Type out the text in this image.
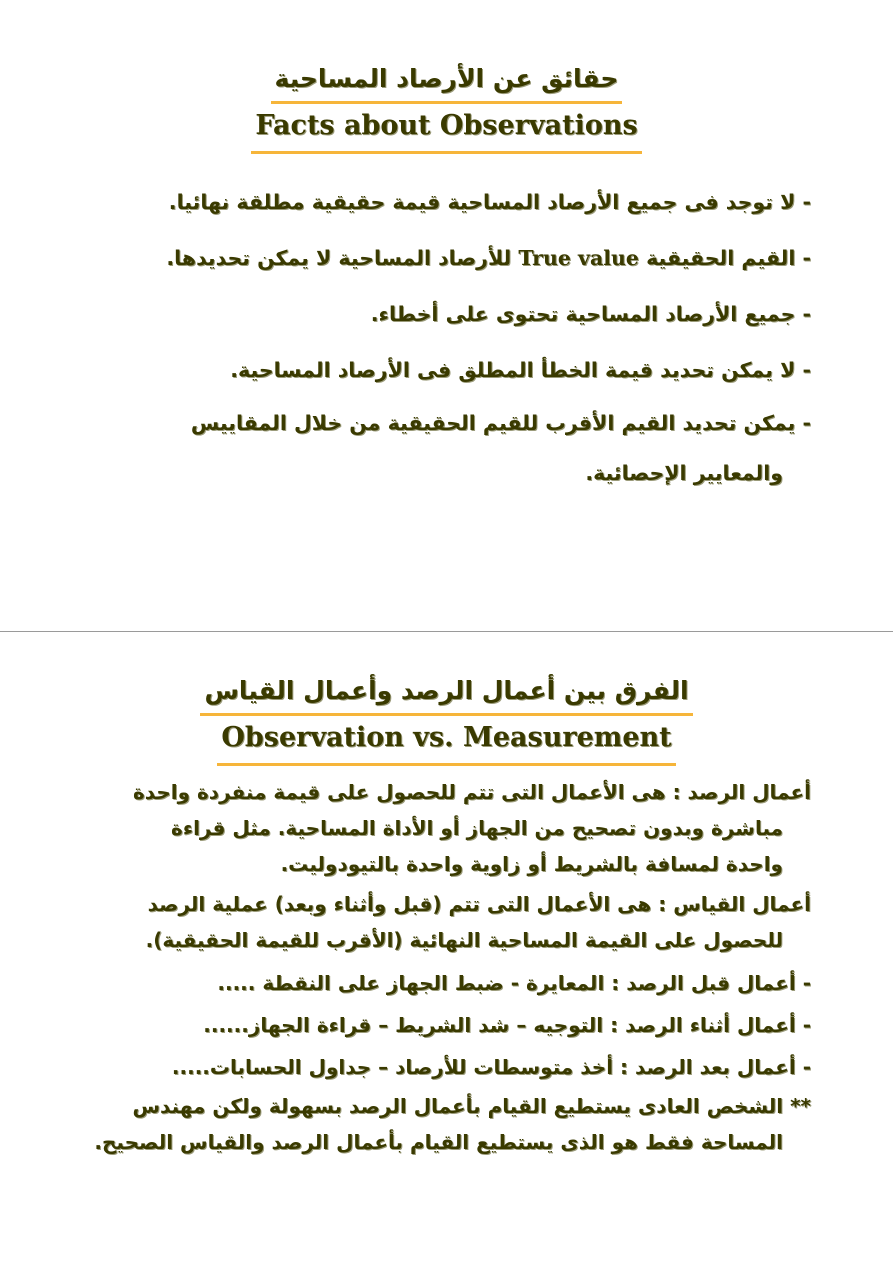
حقائق عن الأرصاد المساحية
Facts about Observations
- لا توجد فى جميع الأرصاد المساحية قيمة حقيقية مطلقة نهائيا.
- القيم الحقيقية True value للأرصاد المساحية لا يمكن تحديدها.
- جميع الأرصاد المساحية تحتوى على أخطاء.
- لا يمكن تحديد قيمة الخطأ المطلق فى الأرصاد المساحية.
- يمكن تحديد القيم الأقرب للقيم الحقيقية من خلال المقاييس
والمعايير الإحصائية.
الفرق بين أعمال الرصد وأعمال القياس
Observation vs. Measurement
أعمال الرصد : هى الأعمال التى تتم للحصول على قيمة منفردة واحدة
مباشرة وبدون تصحيح من الجهاز أو الأداة المساحية. مثل قراءة
واحدة لمسافة بالشريط أو زاوية واحدة بالتيودوليت.
أعمال القياس : هى الأعمال التى تتم (قبل وأثناء وبعد) عملية الرصد
للحصول على القيمة المساحية النهائية (الأقرب للقيمة الحقيقية).
- أعمال قبل الرصد : المعايرة - ضبط الجهاز على النقطة .....
- أعمال أثناء الرصد : التوجيه – شد الشريط – قراءة الجهاز......
- أعمال بعد الرصد : أخذ متوسطات للأرصاد – جداول الحسابات.....
** الشخص العادى يستطيع القيام بأعمال الرصد بسهولة ولكن مهندس
المساحة فقط هو الذى يستطيع القيام بأعمال الرصد والقياس الصحيح.
